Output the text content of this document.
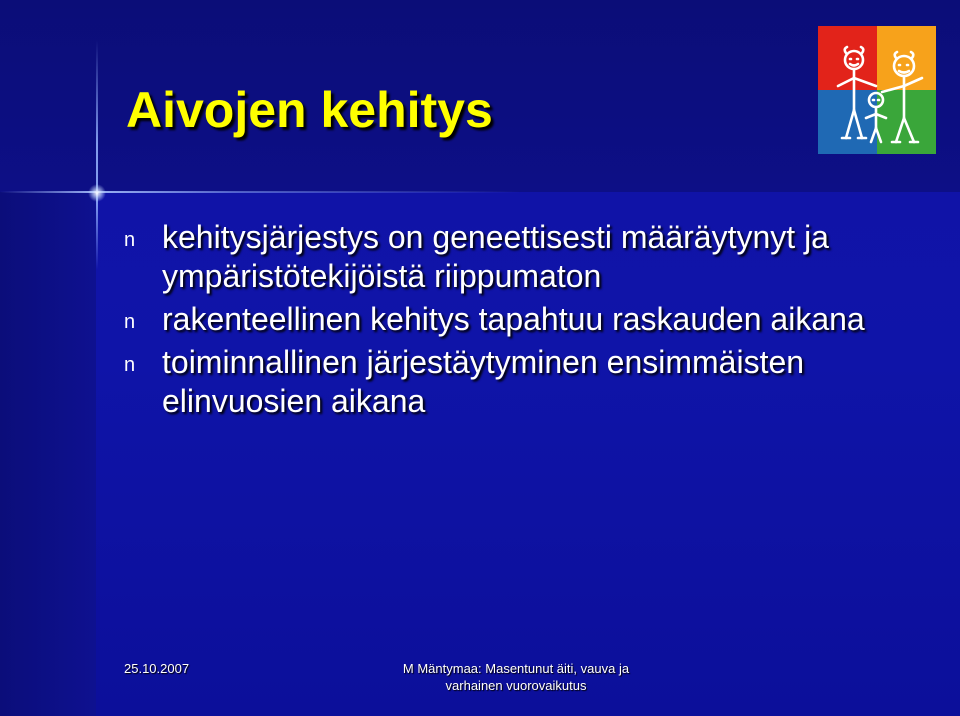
Aivojen kehitys
n kehitysjärjestys on geneettisesti määräytynyt ja ympäristötekijöistä riippumaton
n rakenteellinen kehitys tapahtuu raskauden aikana
n toiminnallinen järjestäytyminen ensimmäisten elinvuosien aikana
25.10.2007	M Mäntymaa: Masentunut äiti, vauva ja
varhainen vuorovaikutus
